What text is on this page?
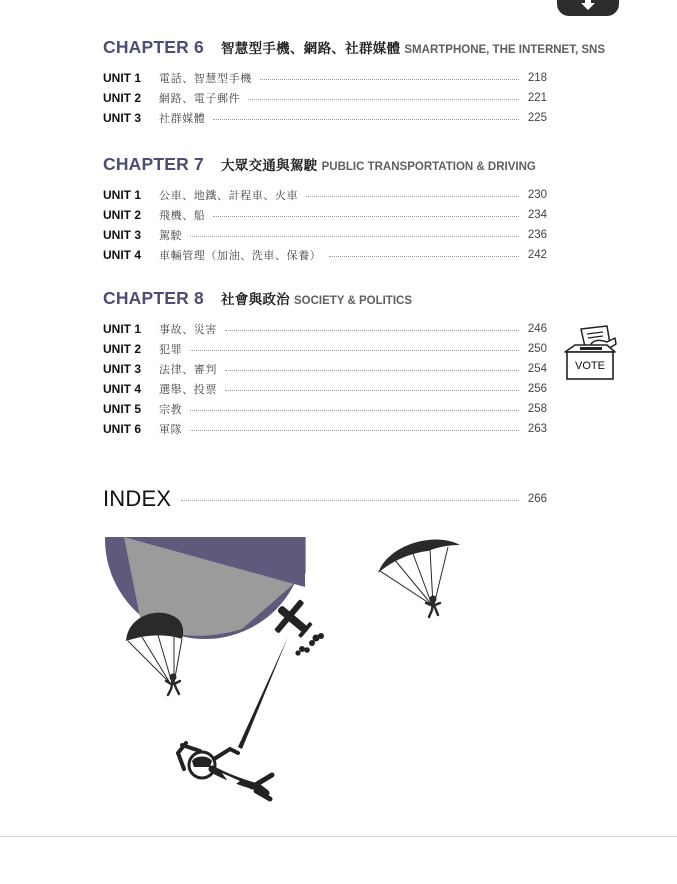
CHAPTER 6 智慧型手機、網路、社群媒體 SMARTPHONE, THE INTERNET, SNS
UNIT 1	電話、智慧型手機	218
UNIT 2	網路、電子郵件	221
UNIT 3	社群媒體	225
CHAPTER 7 大眾交通與駕駛 PUBLIC TRANSPORTATION & DRIVING
UNIT 1	公車、地鐵、計程車、火車	230
UNIT 2	飛機、船	234
UNIT 3	駕駛	236
UNIT 4	車輛管理（加油、洗車、保養）	242
CHAPTER 8 社會與政治 SOCIETY & POLITICS
UNIT 1	事故、災害	246
UNIT 2	犯罪	250
UNIT 3	法律、審判	254
UNIT 4	選舉、投票	256
UNIT 5	宗教	258
UNIT 6	軍隊	263
VOTE
INDEX	266
